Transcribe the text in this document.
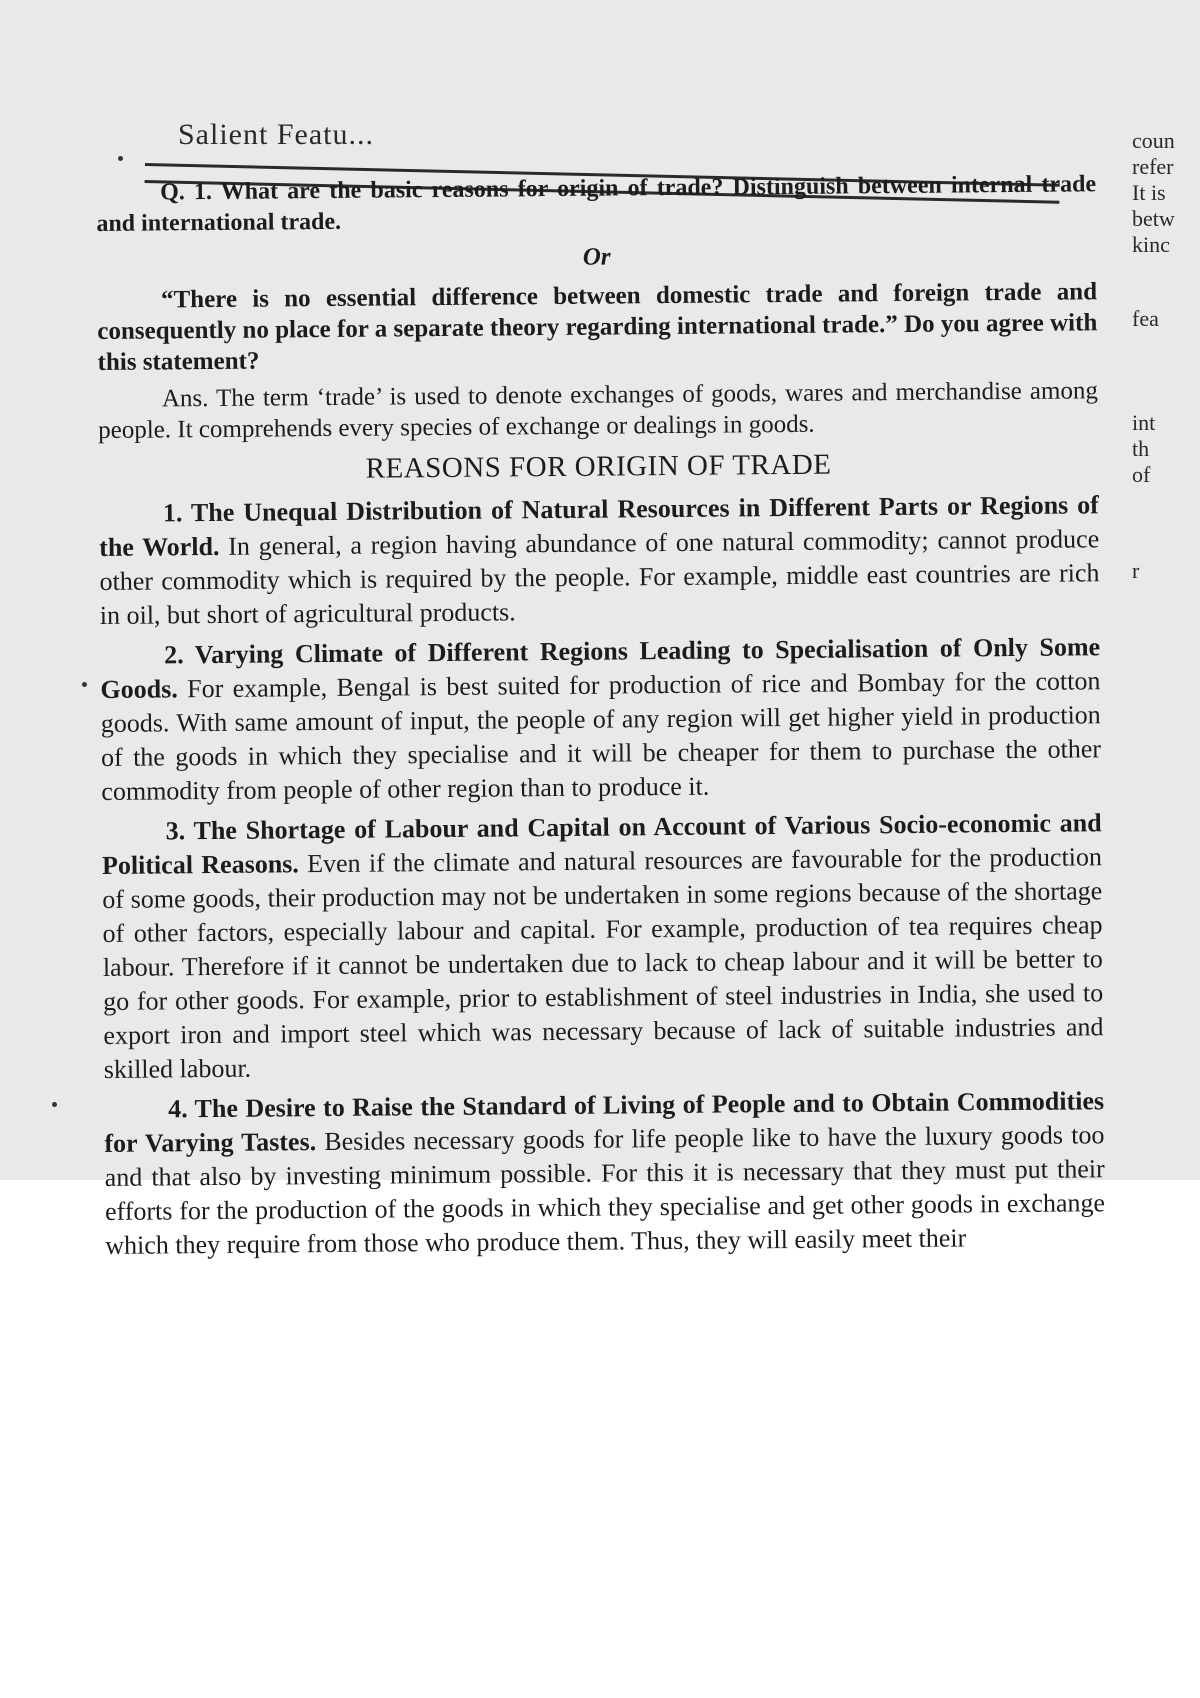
Salient Featu...

Q. 1. What are the basic reasons for origin of trade? Distinguish between internal trade and international trade.

Or

“There is no essential difference between domestic trade and foreign trade and consequently no place for a separate theory regarding international trade.” Do you agree with this statement?

Ans. The term ‘trade’ is used to denote exchanges of goods, wares and merchandise among people. It comprehends every species of exchange or dealings in goods.

REASONS FOR ORIGIN OF TRADE

1. The Unequal Distribution of Natural Resources in Different Parts or Regions of the World. In general, a region having abundance of one natural commodity; cannot produce other commodity which is required by the people. For example, middle east countries are rich in oil, but short of agricultural products.

2. Varying Climate of Different Regions Leading to Specialisation of Only Some Goods. For example, Bengal is best suited for production of rice and Bombay for the cotton goods. With same amount of input, the people of any region will get higher yield in production of the goods in which they specialise and it will be cheaper for them to purchase the other commodity from people of other region than to produce it.

3. The Shortage of Labour and Capital on Account of Various Socio-economic and Political Reasons. Even if the climate and natural resources are favourable for the production of some goods, their production may not be undertaken in some regions because of the shortage of other factors, especially labour and capital. For example, production of tea requires cheap labour. Therefore if it cannot be undertaken due to lack to cheap labour and it will be better to go for other goods. For example, prior to establishment of steel industries in India, she used to export iron and import steel which was necessary because of lack of suitable industries and skilled labour.

4. The Desire to Raise the Standard of Living of People and to Obtain Commodities for Varying Tastes. Besides necessary goods for life people like to have the luxury goods too and that also by investing minimum possible. For this it is necessary that they must put their efforts for the production of the goods in which they specialise and get other goods in exchange which they require from those who produce them. Thus, they will easily meet their

coun
refer
It is
betw
kinc
fea
int
th
of
r
